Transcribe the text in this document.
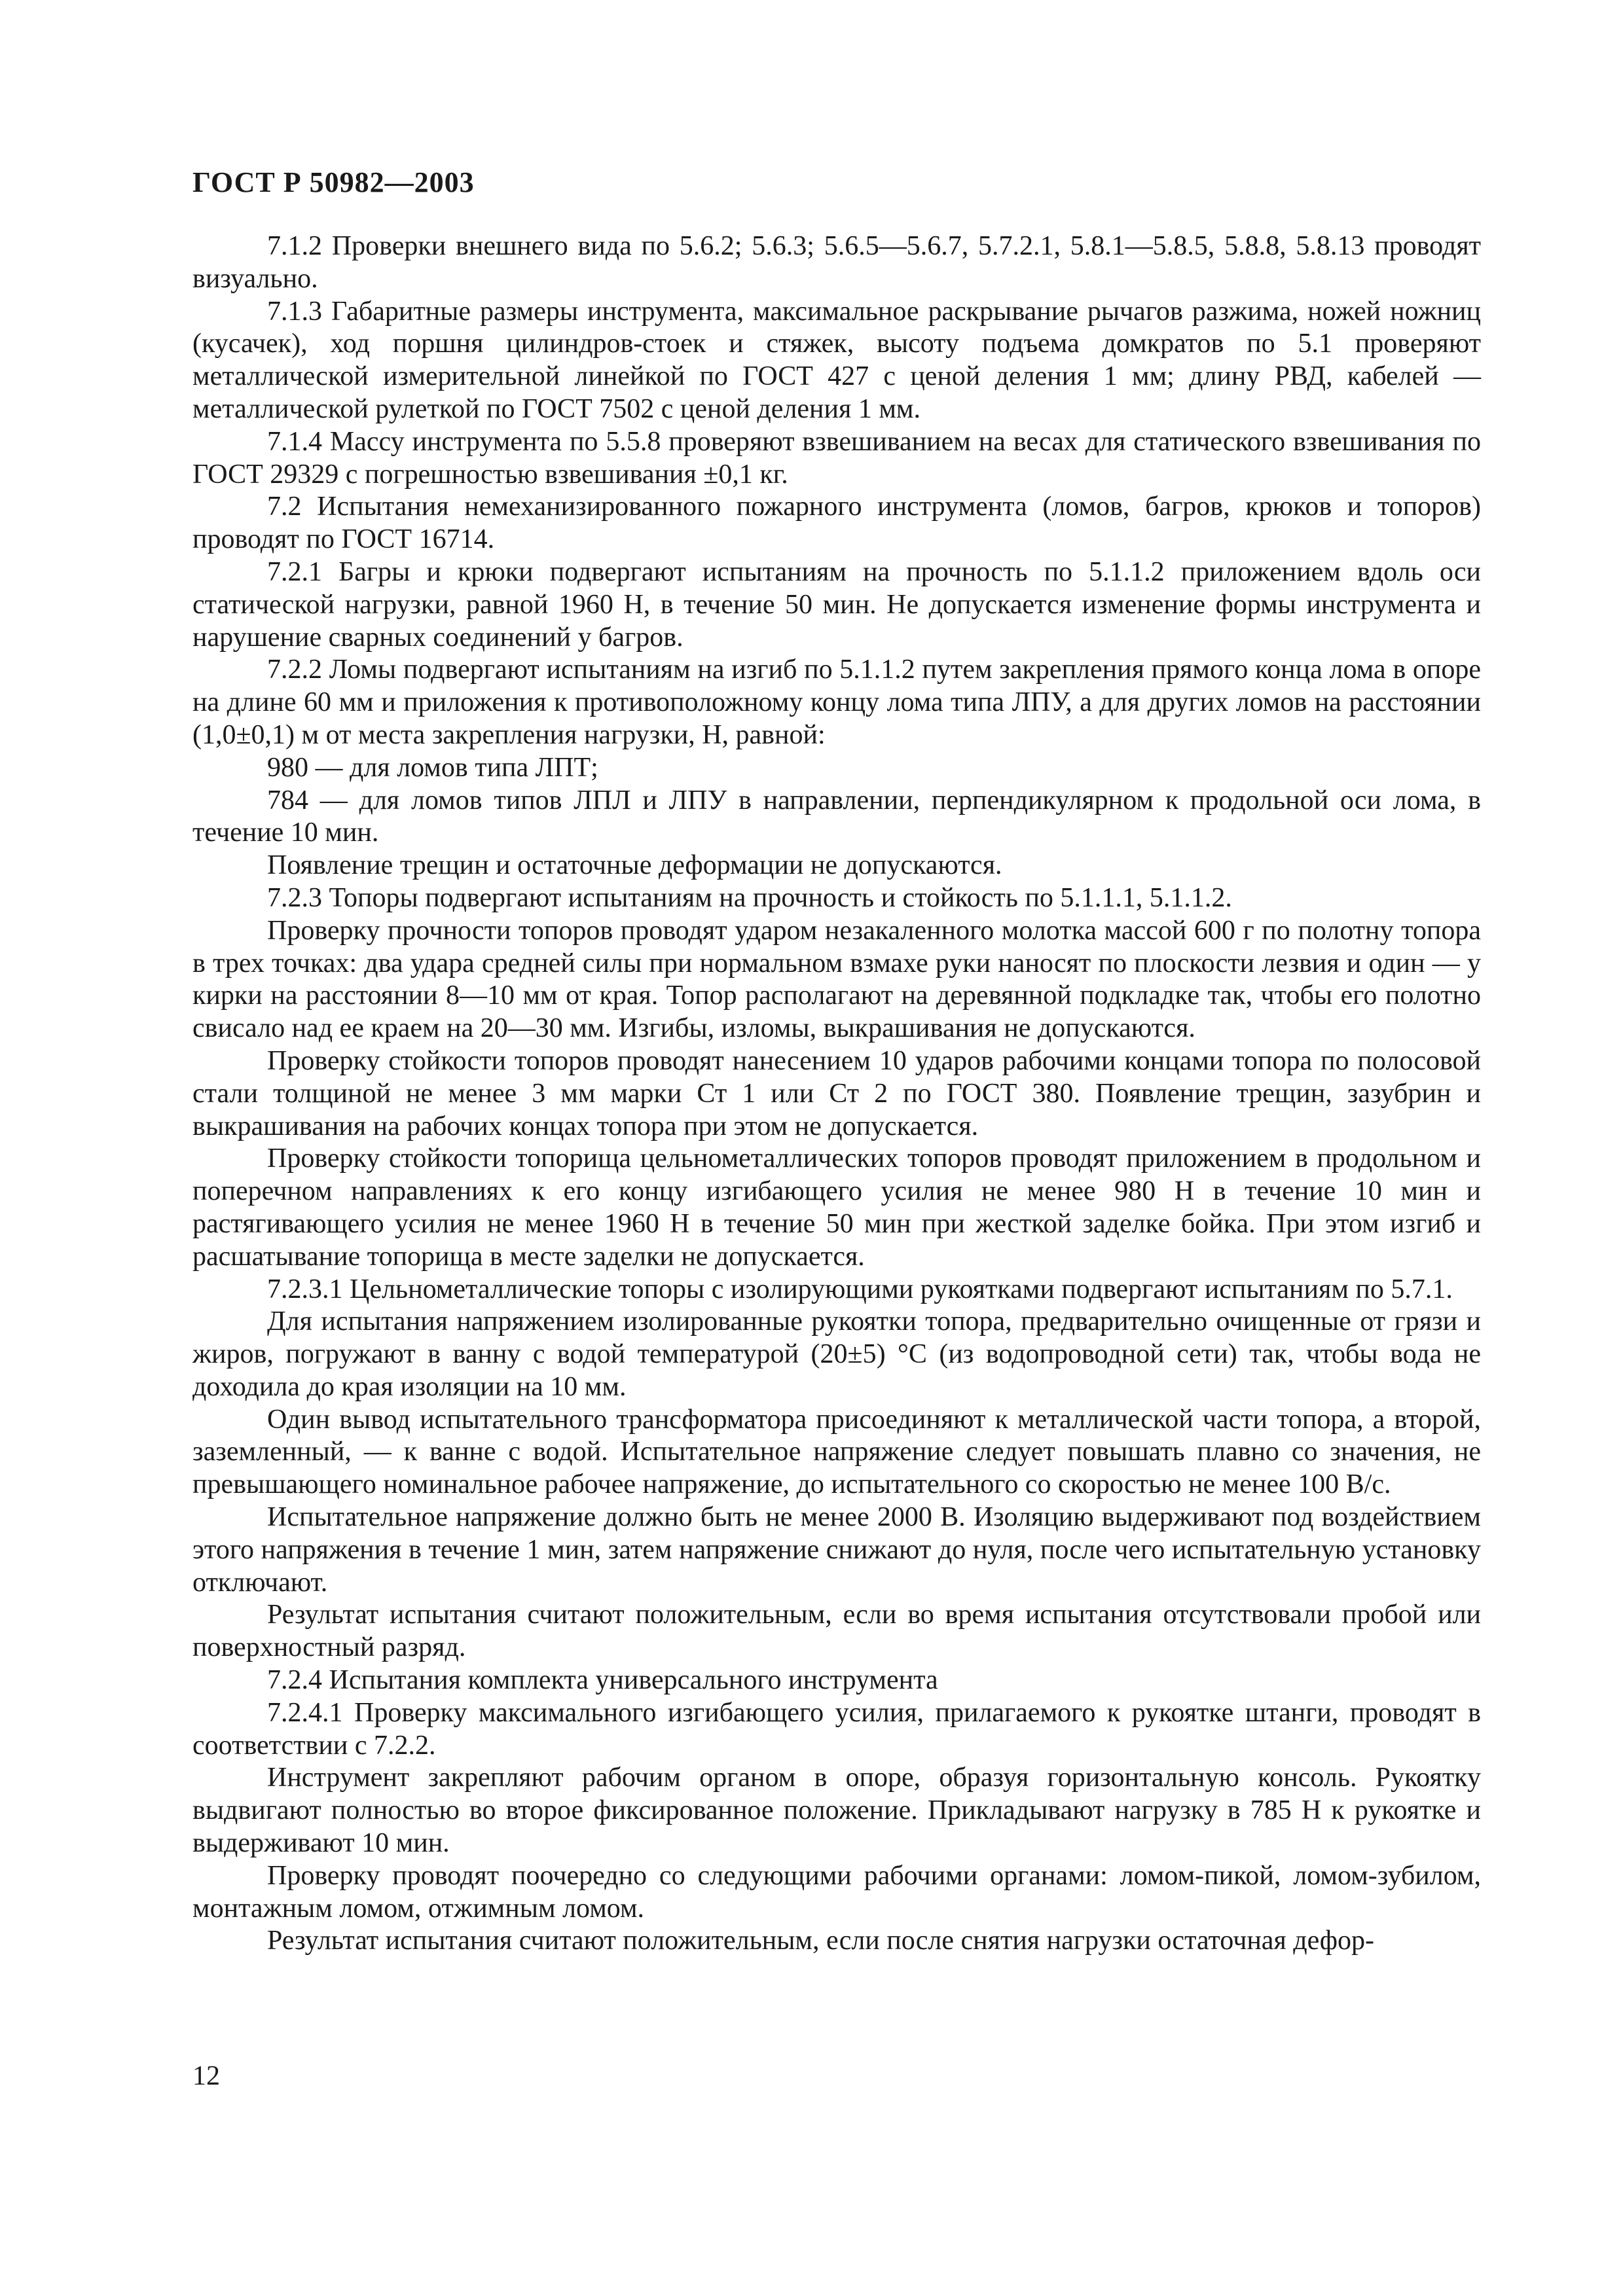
ГОСТ Р 50982—2003

7.1.2 Проверки внешнего вида по 5.6.2; 5.6.3; 5.6.5—5.6.7, 5.7.2.1, 5.8.1—5.8.5, 5.8.8, 5.8.13 проводят визуально.

7.1.3 Габаритные размеры инструмента, максимальное раскрывание рычагов разжима, ножей ножниц (кусачек), ход поршня цилиндров-стоек и стяжек, высоту подъема домкратов по 5.1 проверяют металлической измерительной линейкой по ГОСТ 427 с ценой деления 1 мм; длину РВД, кабелей — металлической рулеткой по ГОСТ 7502 с ценой деления 1 мм.

7.1.4 Массу инструмента по 5.5.8 проверяют взвешиванием на весах для статического взвешивания по ГОСТ 29329 с погрешностью взвешивания ±0,1 кг.

7.2 Испытания немеханизированного пожарного инструмента (ломов, багров, крюков и топоров) проводят по ГОСТ 16714.

7.2.1 Багры и крюки подвергают испытаниям на прочность по 5.1.1.2 приложением вдоль оси статической нагрузки, равной 1960 Н, в течение 50 мин. Не допускается изменение формы инструмента и нарушение сварных соединений у багров.

7.2.2 Ломы подвергают испытаниям на изгиб по 5.1.1.2 путем закрепления прямого конца лома в опоре на длине 60 мм и приложения к противоположному концу лома типа ЛПУ, а для других ломов на расстоянии (1,0±0,1) м от места закрепления нагрузки, Н, равной:

980 — для ломов типа ЛПТ;

784 — для ломов типов ЛПЛ и ЛПУ в направлении, перпендикулярном к продольной оси лома, в течение 10 мин.

Появление трещин и остаточные деформации не допускаются.

7.2.3 Топоры подвергают испытаниям на прочность и стойкость по 5.1.1.1, 5.1.1.2.

Проверку прочности топоров проводят ударом незакаленного молотка массой 600 г по полотну топора в трех точках: два удара средней силы при нормальном взмахе руки наносят по плоскости лезвия и один — у кирки на расстоянии 8—10 мм от края. Топор располагают на деревянной подкладке так, чтобы его полотно свисало над ее краем на 20—30 мм. Изгибы, изломы, выкрашивания не допускаются.

Проверку стойкости топоров проводят нанесением 10 ударов рабочими концами топора по полосовой стали толщиной не менее 3 мм марки Ст 1 или Ст 2 по ГОСТ 380. Появление трещин, зазубрин и выкрашивания на рабочих концах топора при этом не допускается.

Проверку стойкости топорища цельнометаллических топоров проводят приложением в продольном и поперечном направлениях к его концу изгибающего усилия не менее 980 Н в течение 10 мин и растягивающего усилия не менее 1960 Н в течение 50 мин при жесткой заделке бойка. При этом изгиб и расшатывание топорища в месте заделки не допускается.

7.2.3.1 Цельнометаллические топоры с изолирующими рукоятками подвергают испытаниям по 5.7.1.

Для испытания напряжением изолированные рукоятки топора, предварительно очищенные от грязи и жиров, погружают в ванну с водой температурой (20±5) °С (из водопроводной сети) так, чтобы вода не доходила до края изоляции на 10 мм.

Один вывод испытательного трансформатора присоединяют к металлической части топора, а второй, заземленный, — к ванне с водой. Испытательное напряжение следует повышать плавно со значения, не превышающего номинальное рабочее напряжение, до испытательного со скоростью не менее 100 В/с.

Испытательное напряжение должно быть не менее 2000 В. Изоляцию выдерживают под воздействием этого напряжения в течение 1 мин, затем напряжение снижают до нуля, после чего испытательную установку отключают.

Результат испытания считают положительным, если во время испытания отсутствовали пробой или поверхностный разряд.

7.2.4 Испытания комплекта универсального инструмента

7.2.4.1 Проверку максимального изгибающего усилия, прилагаемого к рукоятке штанги, проводят в соответствии с 7.2.2.

Инструмент закрепляют рабочим органом в опоре, образуя горизонтальную консоль. Рукоятку выдвигают полностью во второе фиксированное положение. Прикладывают нагрузку в 785 Н к рукоятке и выдерживают 10 мин.

Проверку проводят поочередно со следующими рабочими органами: ломом-пикой, ломом-зубилом, монтажным ломом, отжимным ломом.

Результат испытания считают положительным, если после снятия нагрузки остаточная дефор-

12
